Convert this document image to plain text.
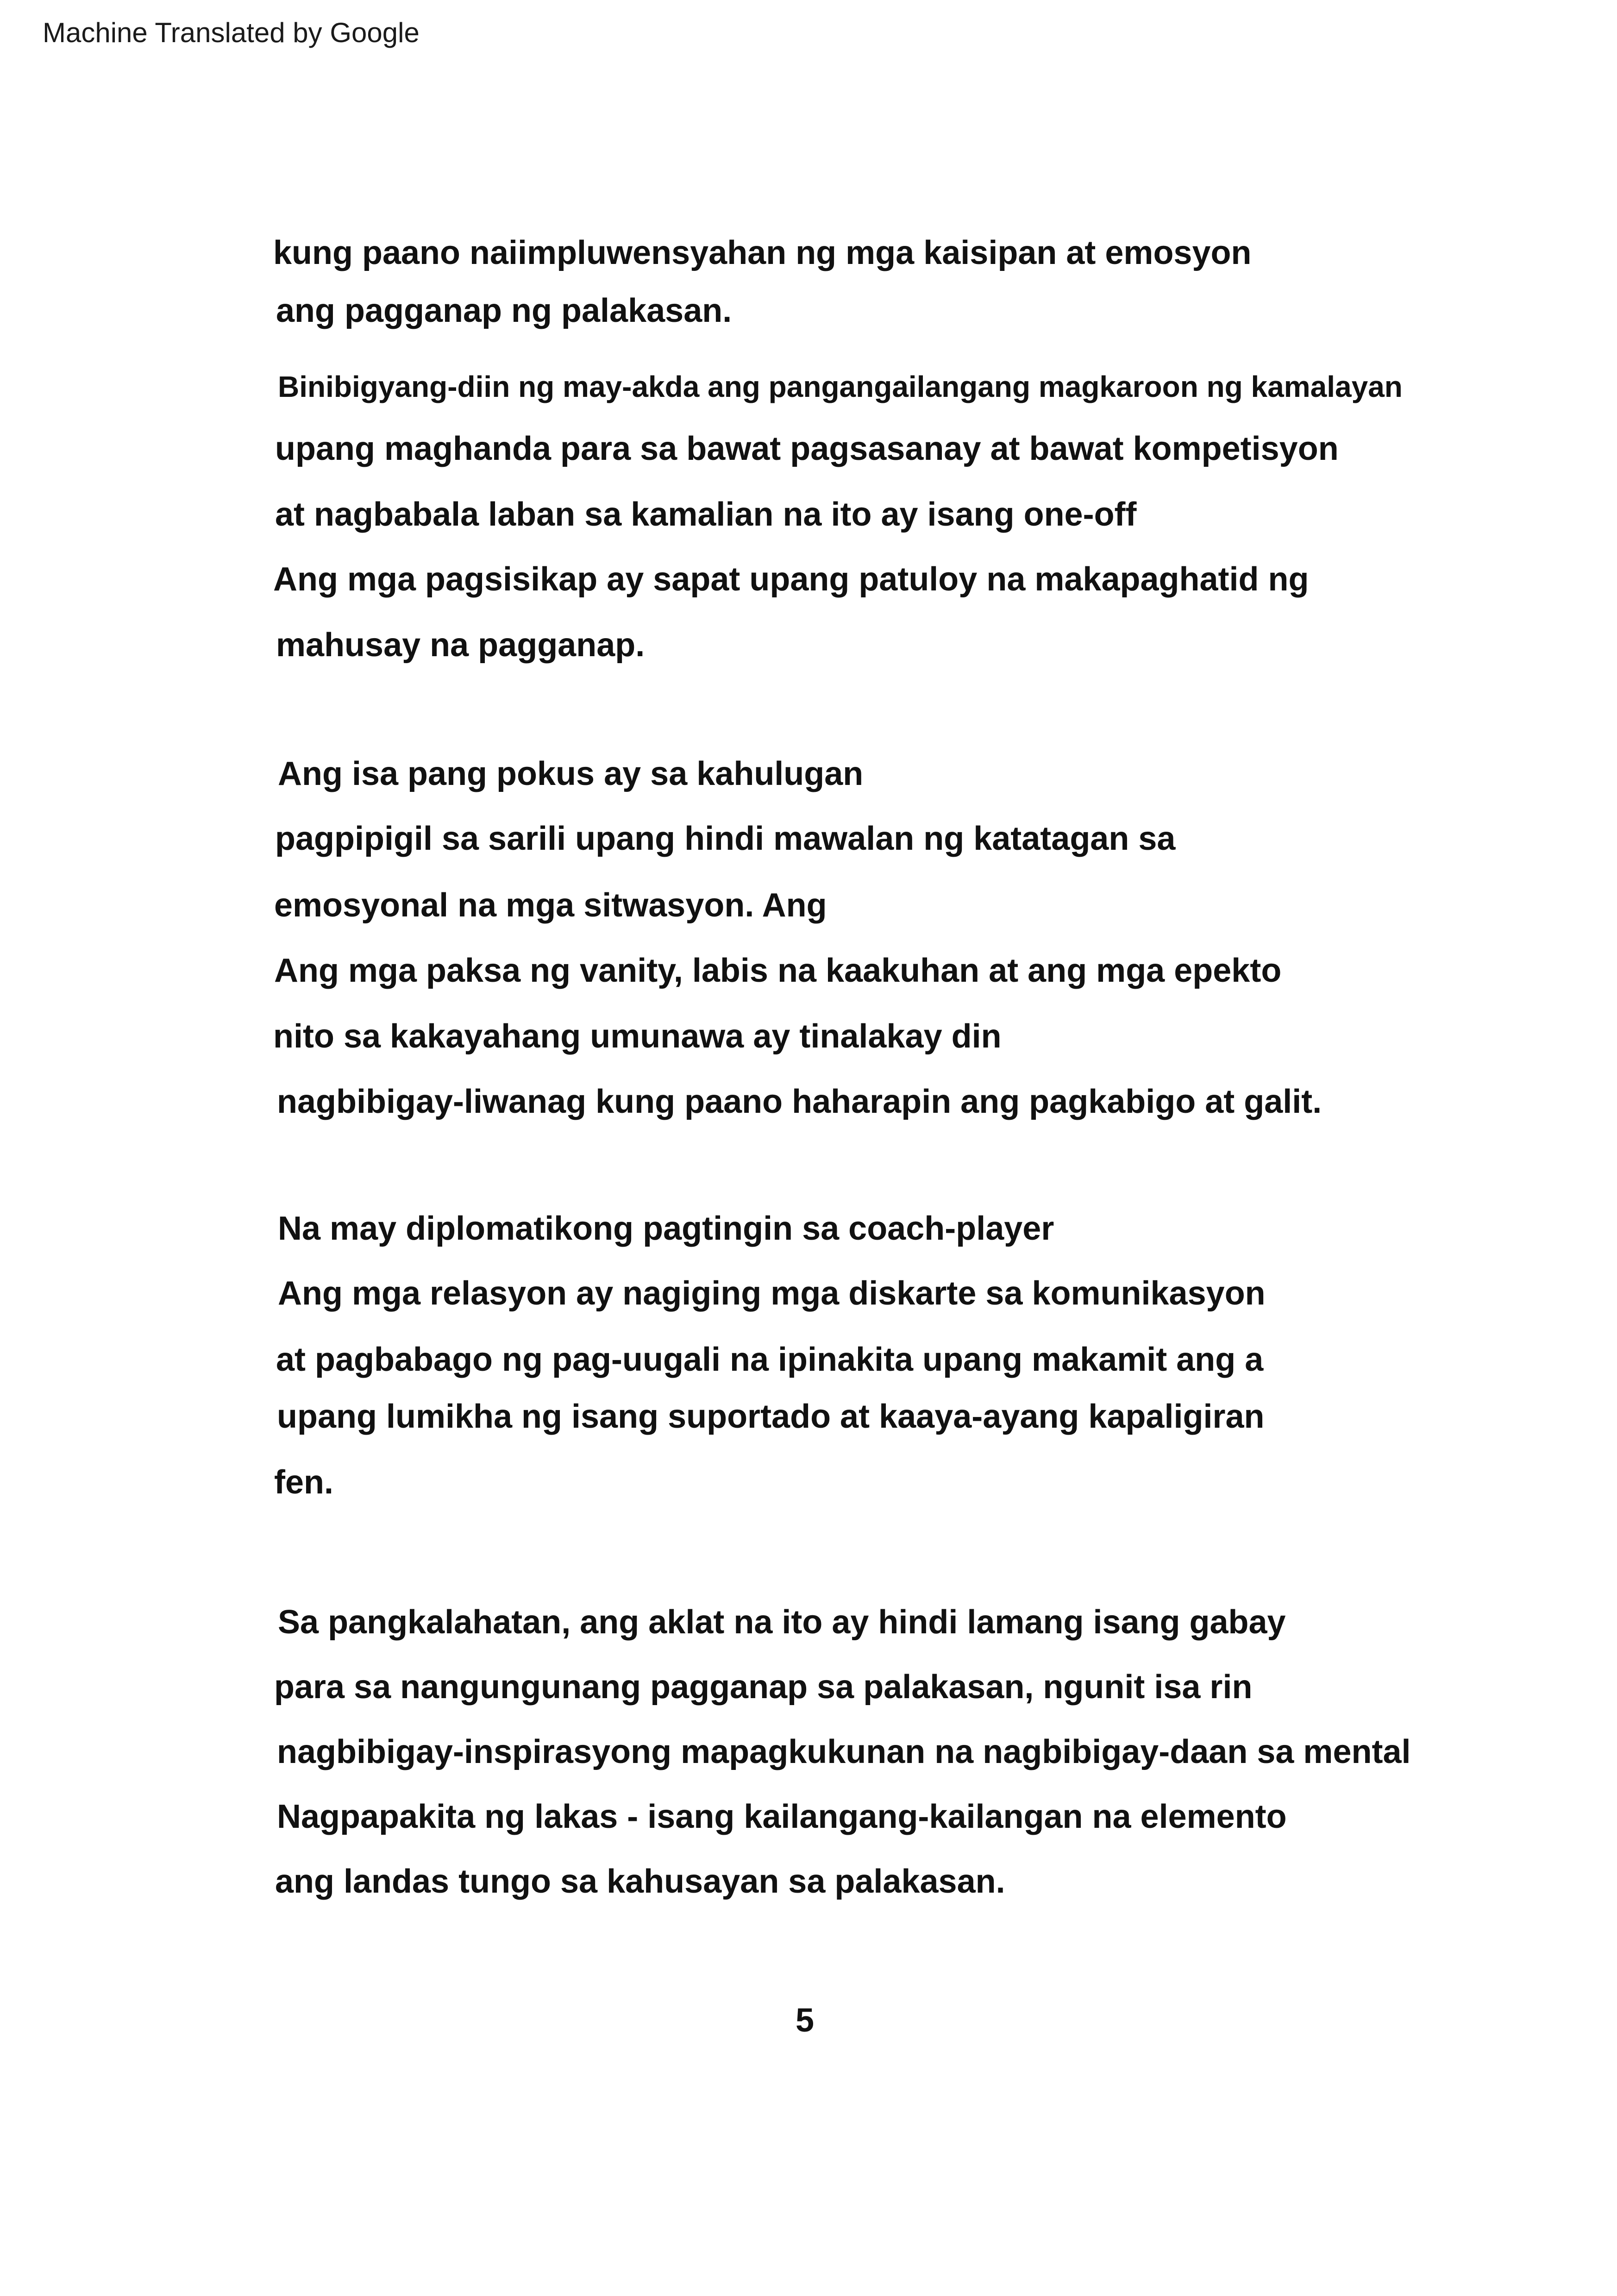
Machine Translated by Google
kung paano naiimpluwensyahan ng mga kaisipan at emosyon
ang pagganap ng palakasan.
Binibigyang-diin ng may-akda ang pangangailangang magkaroon ng kamalayan
upang maghanda para sa bawat pagsasanay at bawat kompetisyon
at nagbabala laban sa kamalian na ito ay isang one-off
Ang mga pagsisikap ay sapat upang patuloy na makapaghatid ng
mahusay na pagganap.
Ang isa pang pokus ay sa kahulugan
pagpipigil sa sarili upang hindi mawalan ng katatagan sa
emosyonal na mga sitwasyon. Ang
Ang mga paksa ng vanity, labis na kaakuhan at ang mga epekto
nito sa kakayahang umunawa ay tinalakay din
nagbibigay-liwanag kung paano haharapin ang pagkabigo at galit.
Na may diplomatikong pagtingin sa coach-player
Ang mga relasyon ay nagiging mga diskarte sa komunikasyon
at pagbabago ng pag-uugali na ipinakita upang makamit ang a
upang lumikha ng isang suportado at kaaya-ayang kapaligiran
fen.
Sa pangkalahatan, ang aklat na ito ay hindi lamang isang gabay
para sa nangungunang pagganap sa palakasan, ngunit isa rin
nagbibigay-inspirasyong mapagkukunan na nagbibigay-daan sa mental
Nagpapakita ng lakas - isang kailangang-kailangan na elemento
ang landas tungo sa kahusayan sa palakasan.
5
